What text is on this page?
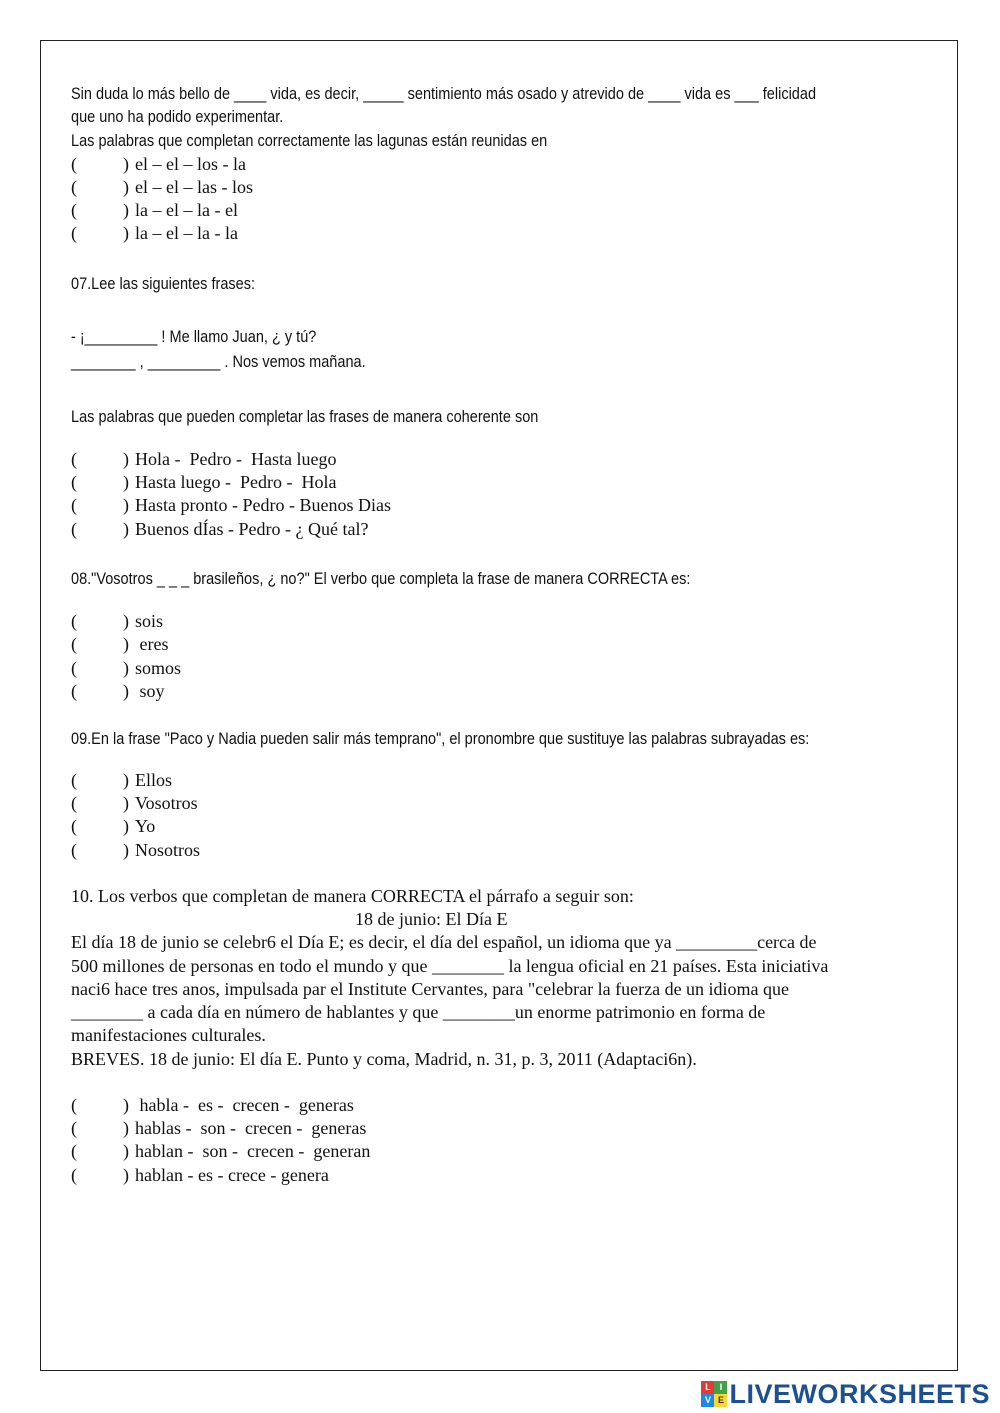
Sin duda lo más bello de ____ vida, es decir, _____ sentimiento más osado y atrevido de ____ vida es ___ felicidad
que uno ha podido experimentar.
Las palabras que completan correctamente las lagunas están reunidas en
(	) el – el – los - la
(	) el – el – las - los
(	) la – el – la - el
(	) la – el – la - la
07.Lee las siguientes frases:
- ¡_________ ! Me llamo Juan, ¿ y tú?
________ , _________ . Nos vemos mañana.
Las palabras que pueden completar las frases de manera coherente son
(	) Hola -  Pedro -  Hasta luego
(	) Hasta luego -  Pedro -  Hola
(	) Hasta pronto - Pedro - Buenos Dias
(	) Buenos dÍas - Pedro - ¿ Qué tal?
08."Vosotros _ _ _ brasileños, ¿ no?" El verbo que completa la frase de manera CORRECTA es:
(	) sois
(	) eres
(	) somos
(	) soy
09.En la frase "Paco y Nadia pueden salir más temprano", el pronombre que sustituye las palabras subrayadas es:
(	) Ellos
(	) Vosotros
(	) Yo
(	) Nosotros
10. Los verbos que completan de manera CORRECTA el párrafo a seguir son:
18 de junio: El Día E
El día 18 de junio se celebr6 el Día E; es decir, el día del español, un idioma que ya _________cerca de
500 millones de personas en todo el mundo y que ________ la lengua oficial en 21 países. Esta iniciativa
naci6 hace tres anos, impulsada par el Institute Cervantes, para "celebrar la fuerza de un idioma que
________ a cada día en número de hablantes y que ________un enorme patrimonio en forma de
manifestaciones culturales.
BREVES. 18 de junio: El día E. Punto y coma, Madrid, n. 31, p. 3, 2011 (Adaptaci6n).
(	) habla -  es -  crecen -  generas
(	) hablas -  son -  crecen -  generas
(	) hablan -  son -  crecen -  generan
(	) hablan - es - crece - genera
L I
V E LIVEWORKSHEETS
